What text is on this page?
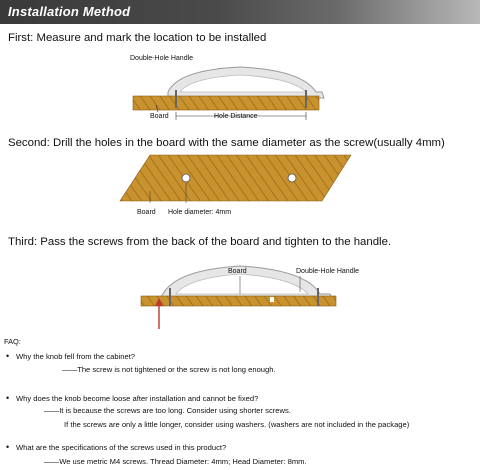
Installation Method
First: Measure and mark the location to be installed
Double-Hole Handle
Board	Hole Distance
Second: Drill the holes in the board with the same diameter as the screw(usually 4mm)
Board Hole diameter: 4mm
Third: Pass the screws from the back of the board and tighten to the handle.
Board	Double-Hole Handle
FAQ:
• Why the knob fell from the cabinet?
——The screw is not tightened or the screw is not long enough.
• Why does the knob become loose after installation and cannot be fixed?
——It is because the screws are too long. Consider using shorter screws.
If the screws are only a little longer, consider using washers. (washers are not included in the package)
• What are the specifications of the screws used in this product?
——We use metric M4 screws. Thread Diameter: 4mm; Head Diameter: 8mm.
